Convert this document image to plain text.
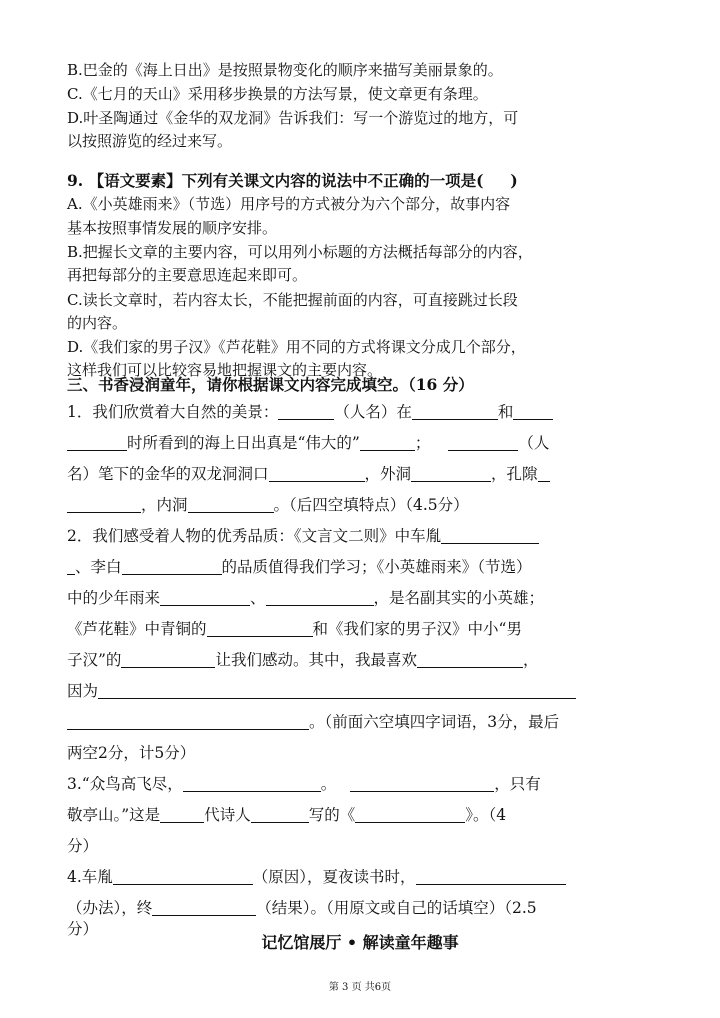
B.巴金的《海上日出》是按照景物变化的顺序来描写美丽景象的。
C.《七月的天山》采用移步换景的方法写景，使文章更有条理。
D.叶圣陶通过《金华的双龙洞》告诉我们：写一个游览过的地方，可
以按照游览的经过来写。
9. 【语文要素】下列有关课文内容的说法中不正确的一项是(     )
A.《小英雄雨来》（节选）用序号的方式被分为六个部分，故事内容
基本按照事情发展的顺序安排。
B.把握长文章的主要内容，可以用列小标题的方法概括每部分的内容，
再把每部分的主要意思连起来即可。
C.读长文章时，若内容太长，不能把握前面的内容，可直接跳过长段
的内容。
D.《我们家的男子汉》《芦花鞋》用不同的方式将课文分成几个部分，
这样我们可以比较容易地把握课文的主要内容。
三、书香浸润童年，请你根据课文内容完成填空。（16 分）
1．我们欣赏着大自然的美景：	（人名）在	和
时所看到的海上日出真是“伟大的”	；	（人
名）笔下的金华的双龙洞洞口	，外洞	，孔隙
，内洞	。（后四空填特点）（4.5分）
2．我们感受着人物的优秀品质：《文言文二则》中车胤
、李白	的品质值得我们学习；《小英雄雨来》（节选）
中的少年雨来	、	，是名副其实的小英雄；
《芦花鞋》中青铜的	和《我们家的男子汉》中小“男
子汉”的	让我们感动。其中，我最喜欢	，
因为
。（前面六空填四字词语，3分，最后
两空2分，计5分）
3.“众鸟高飞尽，	。	，只有
敬亭山。”这是	代诗人	写的《	》。（4
分）
4.车胤	（原因），夏夜读书时，
（办法），终	（结果）。（用原文或自己的话填空）（2.5
分）
记忆馆展厅 • 解读童年趣事
第 3 页 共6页
